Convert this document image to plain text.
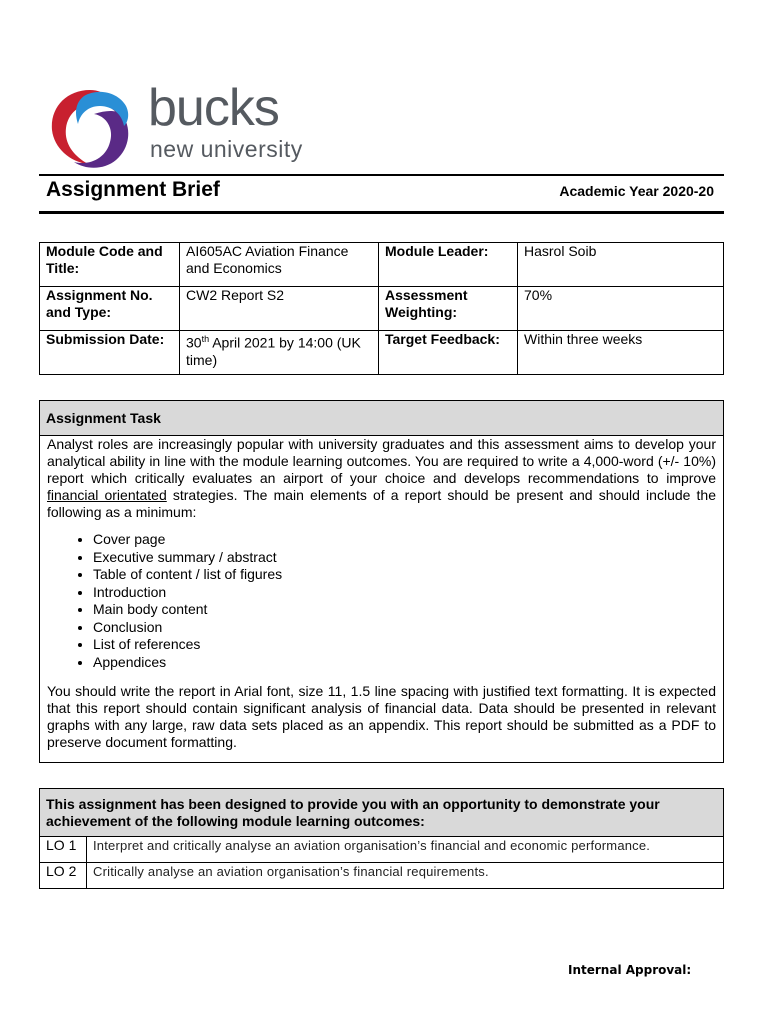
bucks
new university
Assignment Brief	Academic Year 2020-20
Module Code and Title:	AI605AC Aviation Finance and Economics	Module Leader:	Hasrol Soib
Assignment No. and Type:	CW2 Report S2	Assessment Weighting:	70%
Submission Date:	30th April 2021 by 14:00 (UK time)	Target Feedback:	Within three weeks
Assignment Task

Analyst roles are increasingly popular with university graduates and this assessment aims to develop your analytical ability in line with the module learning outcomes. You are required to write a 4,000-word (+/- 10%) report which critically evaluates an airport of your choice and develops recommendations to improve financial orientated strategies. The main elements of a report should be present and should include the following as a minimum:

• Cover page
• Executive summary / abstract
• Table of content / list of figures
• Introduction
• Main body content
• Conclusion
• List of references
• Appendices

You should write the report in Arial font, size 11, 1.5 line spacing with justified text formatting. It is expected that this report should contain significant analysis of financial data. Data should be presented in relevant graphs with any large, raw data sets placed as an appendix. This report should be submitted as a PDF to preserve document formatting.

This assignment has been designed to provide you with an opportunity to demonstrate your achievement of the following module learning outcomes:	
LO 1	Interpret and critically analyse an aviation organisation’s financial and economic performance.
LO 2	Critically analyse an aviation organisation’s financial requirements.
Internal Approval:
